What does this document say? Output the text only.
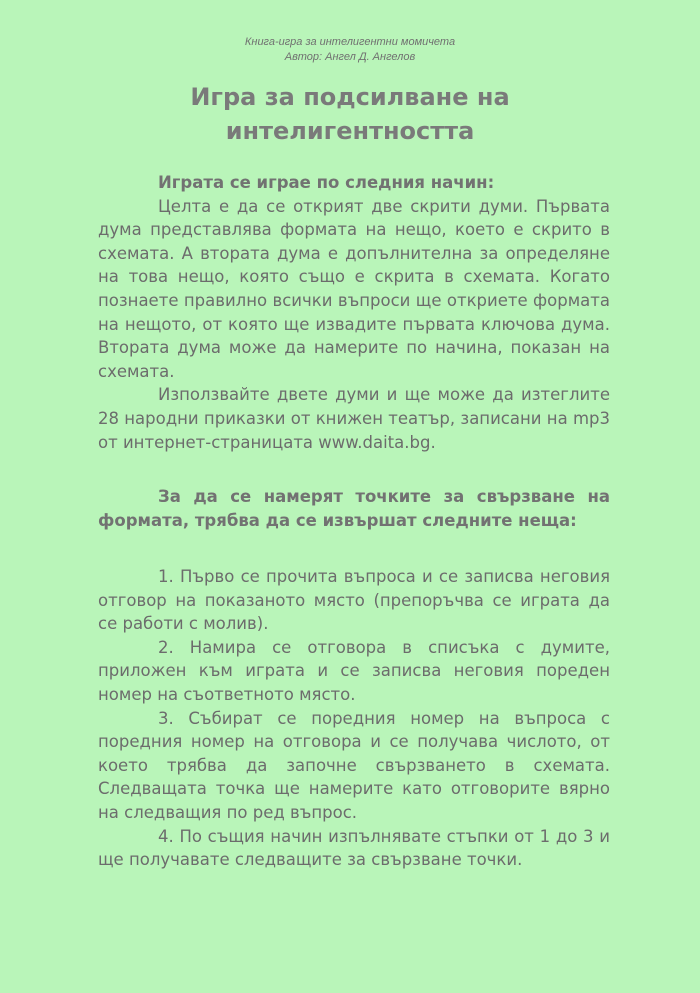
Книга-игра за интелигентни момичета
Автор: Ангел Д. Ангелов
Игра за подсилване на
интелигентността

Играта се играе по следния начин:

Целта е да се открият две скрити думи. Първата дума представлява формата на нещо, което е скрито в схемата. А втората дума е допълнителна за определяне на това нещо, която също е скрита в схемата. Когато познаете правилно всички въпроси ще откриете формата на нещото, от която ще извадите първата ключова дума. Втората дума може да намерите по начина, показан на схемата.

Използвайте двете думи и ще може да изтеглите 28 народни приказки от книжен театър, записани на mp3 от интернет-страницата www.daita.bg.

За да се намерят точките за свързване на формата, трябва да се извършат следните неща:

1. Първо се прочита въпроса и се записва неговия отговор на показаното място (препоръчва се играта да се работи с молив).

2. Намира се отговора в списъка с думите, приложен към играта и се записва неговия пореден номер на съответното място.

3. Събират се поредния номер на въпроса с поредния номер на отговора и се получава числото, от което трябва да започне свързването в схемата. Следващата точка ще намерите като отговорите вярно на следващия по ред въпрос.

4. По същия начин изпълнявате стъпки от 1 до 3 и ще получавате следващите за свързване точки.
